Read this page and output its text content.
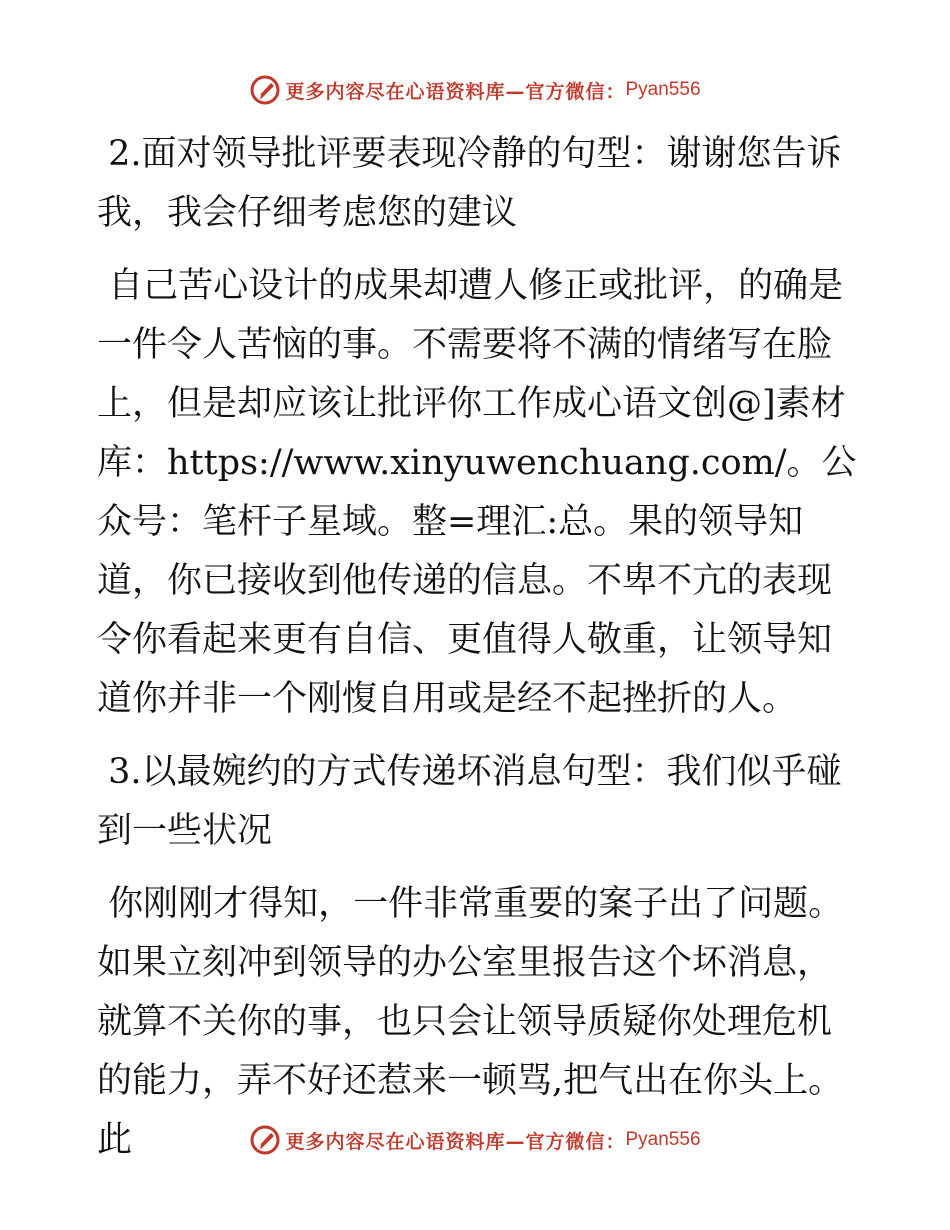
更多内容尽在心语资料库—官方微信： Pyan556

2.面对领导批评要表现冷静的句型：谢谢您告诉我，我会仔细考虑您的建议

自己苦心设计的成果却遭人修正或批评，的确是一件令人苦恼的事。不需要将不满的情绪写在脸上，但是却应该让批评你工作成心语文创@]素材库：https://www.xinyuwenchuang.com/。公众号：笔杆子星域。整=理汇:总。果的领导知道，你已接收到他传递的信息。不卑不亢的表现令你看起来更有自信、更值得人敬重，让领导知道你并非一个刚愎自用或是经不起挫折的人。

3.以最婉约的方式传递坏消息句型：我们似乎碰到一些状况

你刚刚才得知，一件非常重要的案子出了问题。如果立刻冲到领导的办公室里报告这个坏消息，就算不关你的事，也只会让领导质疑你处理危机的能力，弄不好还惹来一顿骂,把气出在你头上。此	更多内容尽在心语资料库—官方微信： Pyan556
